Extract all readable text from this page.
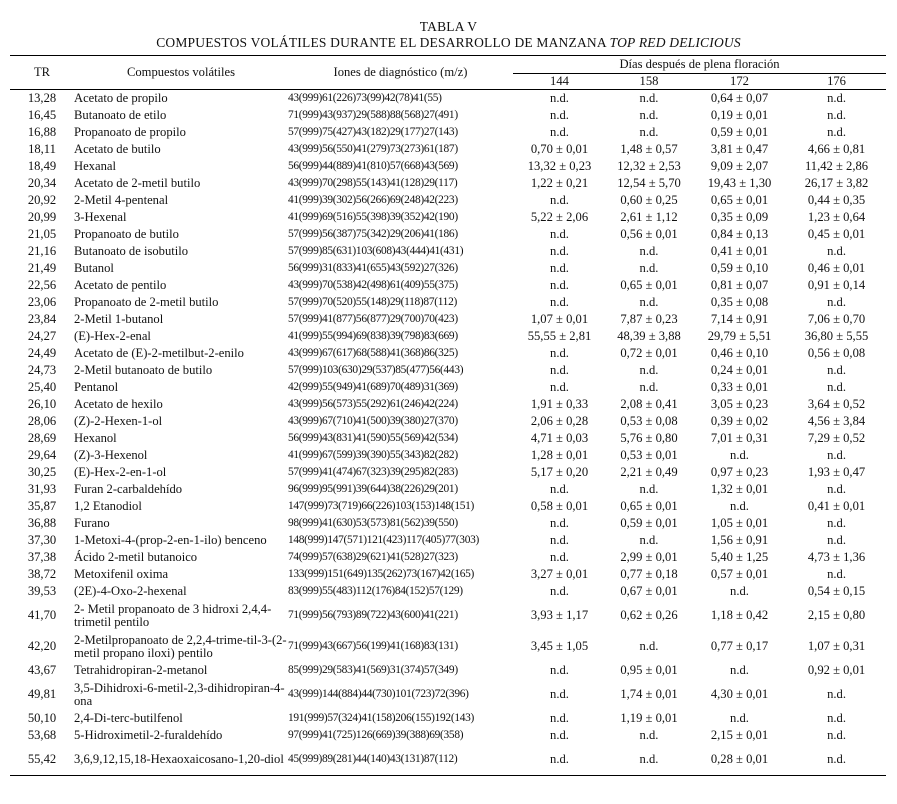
TABLA V
COMPUESTOS VOLÁTILES DURANTE EL DESARROLLO DE MANZANA TOP RED DELICIOUS
TR	Compuestos volátiles	Iones de diagnóstico (m/z)	Días después de plena floración			
			144	158	172	176
13,28	Acetato de propilo	43(999)61(226)73(99)42(78)41(55)	n.d.	n.d.	0,64 ± 0,07	n.d.
16,45	Butanoato de etilo	71(999)43(937)29(588)88(568)27(491)	n.d.	n.d.	0,19 ± 0,01	n.d.
16,88	Propanoato de propilo	57(999)75(427)43(182)29(177)27(143)	n.d.	n.d.	0,59 ± 0,01	n.d.
18,11	Acetato de butilo	43(999)56(550)41(279)73(273)61(187)	0,70 ± 0,01	1,48 ± 0,57	3,81 ± 0,47	4,66 ± 0,81
18,49	Hexanal	56(999)44(889)41(810)57(668)43(569)	13,32 ± 0,23	12,32 ± 2,53	9,09 ± 2,07	11,42 ± 2,86
20,34	Acetato de 2-metil butilo	43(999)70(298)55(143)41(128)29(117)	1,22 ± 0,21	12,54 ± 5,70	19,43 ± 1,30	26,17 ± 3,82
20,92	2-Metil 4-pentenal	41(999)39(302)56(266)69(248)42(223)	n.d.	0,60 ± 0,25	0,65 ± 0,01	0,44 ± 0,35
20,99	3-Hexenal	41(999)69(516)55(398)39(352)42(190)	5,22 ± 2,06	2,61 ± 1,12	0,35 ± 0,09	1,23 ± 0,64
21,05	Propanoato de butilo	57(999)56(387)75(342)29(206)41(186)	n.d.	0,56 ± 0,01	0,84 ± 0,13	0,45 ± 0,01
21,16	Butanoato de isobutilo	57(999)85(631)103(608)43(444)41(431)	n.d.	n.d.	0,41 ± 0,01	n.d.
21,49	Butanol	56(999)31(833)41(655)43(592)27(326)	n.d.	n.d.	0,59 ± 0,10	0,46 ± 0,01
22,56	Acetato de pentilo	43(999)70(538)42(498)61(409)55(375)	n.d.	0,65 ± 0,01	0,81 ± 0,07	0,91 ± 0,14
23,06	Propanoato de 2-metil butilo	57(999)70(520)55(148)29(118)87(112)	n.d.	n.d.	0,35 ± 0,08	n.d.
23,84	2-Metil 1-butanol	57(999)41(877)56(877)29(700)70(423)	1,07 ± 0,01	7,87 ± 0,23	7,14 ± 0,91	7,06 ± 0,70
24,27	(E)-Hex-2-enal	41(999)55(994)69(838)39(798)83(669)	55,55 ± 2,81	48,39 ± 3,88	29,79 ± 5,51	36,80 ± 5,55
24,49	Acetato de (E)-2-metilbut-2-enilo	43(999)67(617)68(588)41(368)86(325)	n.d.	0,72 ± 0,01	0,46 ± 0,10	0,56 ± 0,08
24,73	2-Metil butanoato de butilo	57(999)103(630)29(537)85(477)56(443)	n.d.	n.d.	0,24 ± 0,01	n.d.
25,40	Pentanol	42(999)55(949)41(689)70(489)31(369)	n.d.	n.d.	0,33 ± 0,01	n.d.
26,10	Acetato de hexilo	43(999)56(573)55(292)61(246)42(224)	1,91 ± 0,33	2,08 ± 0,41	3,05 ± 0,23	3,64 ± 0,52
28,06	(Z)-2-Hexen-1-ol	43(999)67(710)41(500)39(380)27(370)	2,06 ± 0,28	0,53 ± 0,08	0,39 ± 0,02	4,56 ± 3,84
28,69	Hexanol	56(999)43(831)41(590)55(569)42(534)	4,71 ± 0,03	5,76 ± 0,80	7,01 ± 0,31	7,29 ± 0,52
29,64	(Z)-3-Hexenol	41(999)67(599)39(390)55(343)82(282)	1,28 ± 0,01	0,53 ± 0,01	n.d.	n.d.
30,25	(E)-Hex-2-en-1-ol	57(999)41(474)67(323)39(295)82(283)	5,17 ± 0,20	2,21 ± 0,49	0,97 ± 0,23	1,93 ± 0,47
31,93	Furan 2-carbaldehído	96(999)95(991)39(644)38(226)29(201)	n.d.	n.d.	1,32 ± 0,01	n.d.
35,87	1,2 Etanodiol	147(999)73(719)66(226)103(153)148(151)	0,58 ± 0,01	0,65 ± 0,01	n.d.	0,41 ± 0,01
36,88	Furano	98(999)41(630)53(573)81(562)39(550)	n.d.	0,59 ± 0,01	1,05 ± 0,01	n.d.
37,30	1-Metoxi-4-(prop-2-en-1-ilo) benceno	148(999)147(571)121(423)117(405)77(303)	n.d.	n.d.	1,56 ± 0,91	n.d.
37,38	Ácido 2-metil butanoico	74(999)57(638)29(621)41(528)27(323)	n.d.	2,99 ± 0,01	5,40 ± 1,25	4,73 ± 1,36
38,72	Metoxifenil oxima	133(999)151(649)135(262)73(167)42(165)	3,27 ± 0,01	0,77 ± 0,18	0,57 ± 0,01	n.d.
39,53	(2E)-4-Oxo-2-hexenal	83(999)55(483)112(176)84(152)57(129)	n.d.	0,67 ± 0,01	n.d.	0,54 ± 0,15
41,70	2- Metil propanoato de 3 hidroxi 2,4,4-trimetil pentilo	71(999)56(793)89(722)43(600)41(221)	3,93 ± 1,17	0,62 ± 0,26	1,18 ± 0,42	2,15 ± 0,80
42,20	2-Metilpropanoato de 2,2,4-trime-til-3-(2-metil propano iloxi) pentilo	71(999)43(667)56(199)41(168)83(131)	3,45 ± 1,05	n.d.	0,77 ± 0,17	1,07 ± 0,31
43,67	Tetrahidropiran-2-metanol	85(999)29(583)41(569)31(374)57(349)	n.d.	0,95 ± 0,01	n.d.	0,92 ± 0,01
49,81	3,5-Dihidroxi-6-metil-2,3-dihidropiran-4-ona	43(999)144(884)44(730)101(723)72(396)	n.d.	1,74 ± 0,01	4,30 ± 0,01	n.d.
50,10	2,4-Di-terc-butilfenol	191(999)57(324)41(158)206(155)192(143)	n.d.	1,19 ± 0,01	n.d.	n.d.
53,68	5-Hidroximetil-2-furaldehído	97(999)41(725)126(669)39(388)69(358)	n.d.	n.d.	2,15 ± 0,01	n.d.
55,42	3,6,9,12,15,18-Hexaoxaicosano-1,20-diol	45(999)89(281)44(140)43(131)87(112)	n.d.	n.d.	0,28 ± 0,01	n.d.
